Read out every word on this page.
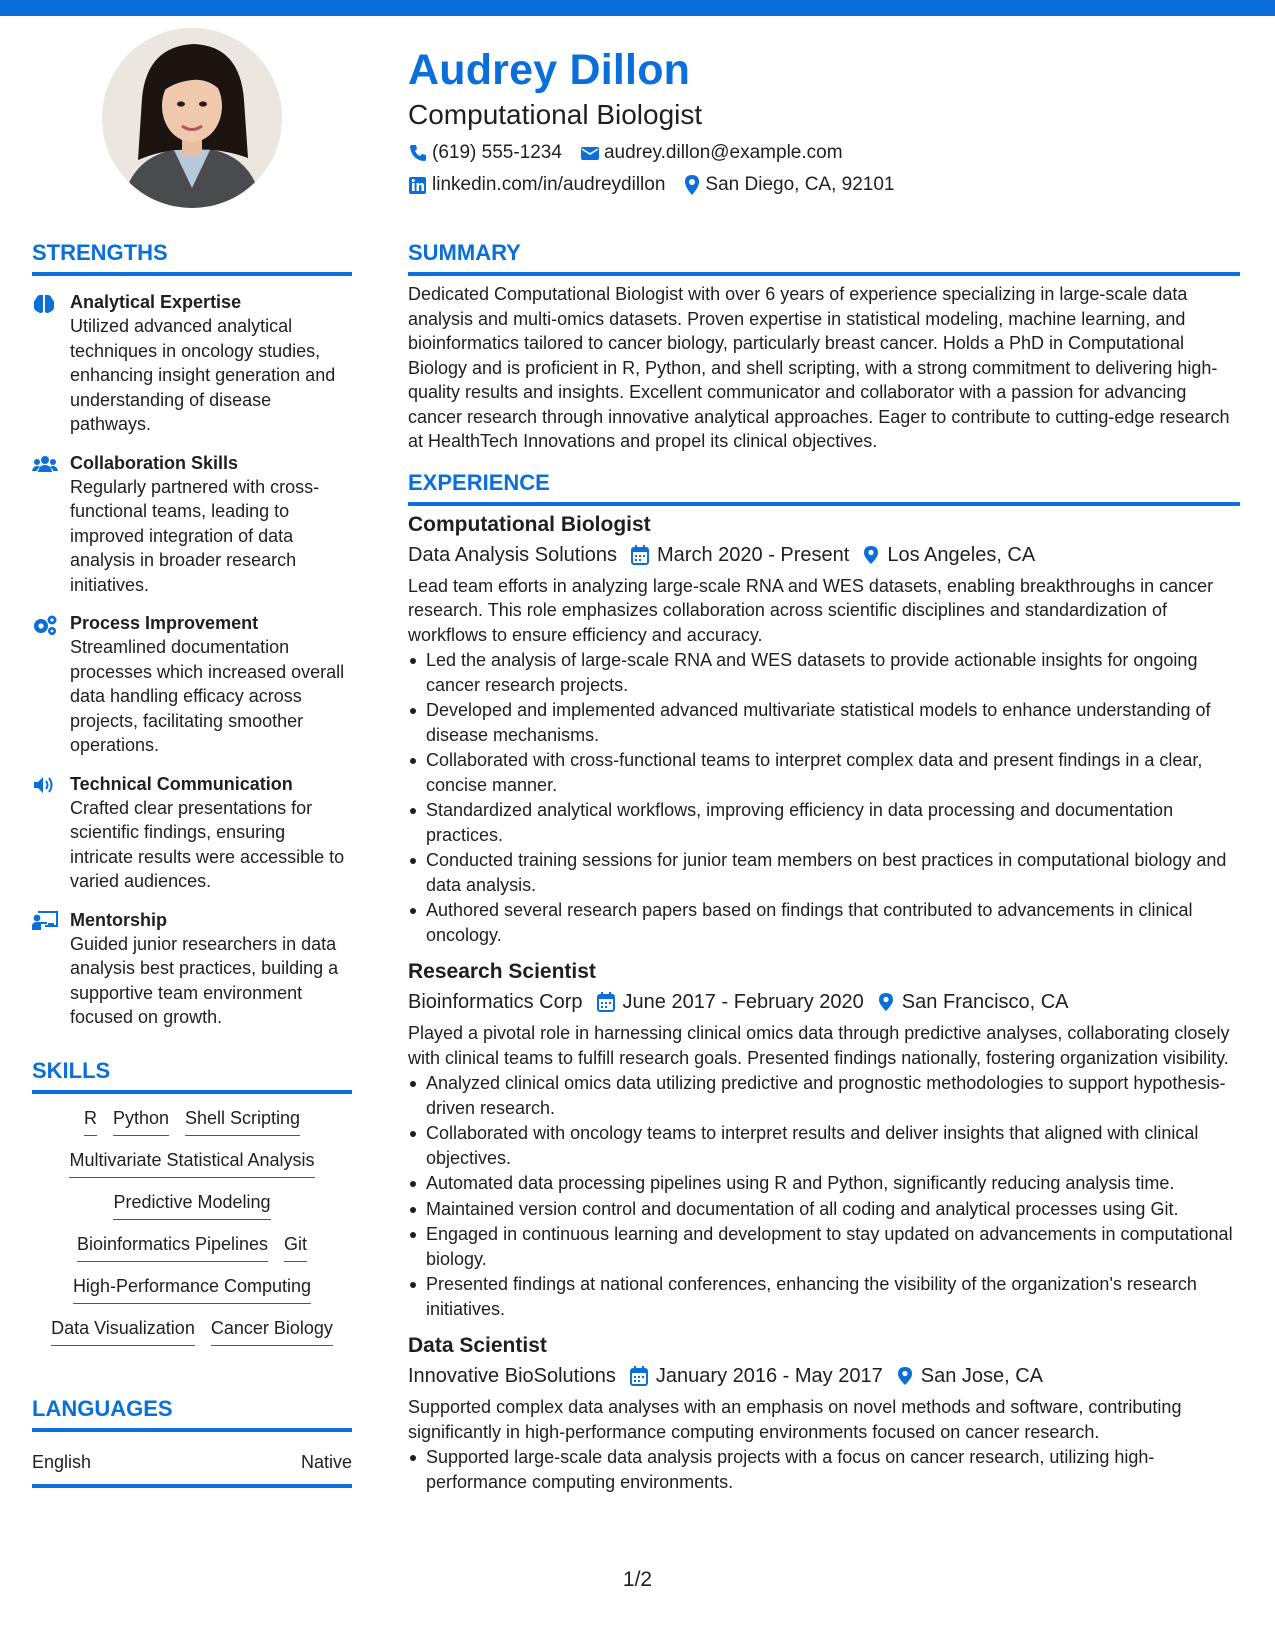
Audrey Dillon
Computational Biologist
(619) 555-1234 audrey.dillon@example.com
linkedin.com/in/audreydillon San Diego, CA, 92101
STRENGTHS
Analytical Expertise
Utilized advanced analytical techniques in oncology studies, enhancing insight generation and understanding of disease pathways.
Collaboration Skills
Regularly partnered with cross-functional teams, leading to improved integration of data analysis in broader research initiatives.
Process Improvement
Streamlined documentation processes which increased overall data handling efficacy across projects, facilitating smoother operations.
Technical Communication
Crafted clear presentations for scientific findings, ensuring intricate results were accessible to varied audiences.
Mentorship
Guided junior researchers in data analysis best practices, building a supportive team environment focused on growth.
SKILLS
R Python Shell Scripting
Multivariate Statistical Analysis
Predictive Modeling
Bioinformatics Pipelines Git
High-Performance Computing
Data Visualization Cancer Biology
LANGUAGES
English	Native
SUMMARY
Dedicated Computational Biologist with over 6 years of experience specializing in large-scale data analysis and multi-omics datasets. Proven expertise in statistical modeling, machine learning, and bioinformatics tailored to cancer biology, particularly breast cancer. Holds a PhD in Computational Biology and is proficient in R, Python, and shell scripting, with a strong commitment to delivering high-quality results and insights. Excellent communicator and collaborator with a passion for advancing cancer research through innovative analytical approaches. Eager to contribute to cutting-edge research at HealthTech Innovations and propel its clinical objectives.
EXPERIENCE
Computational Biologist
Data Analysis Solutions March 2020 - Present Los Angeles, CA
Lead team efforts in analyzing large-scale RNA and WES datasets, enabling breakthroughs in cancer research. This role emphasizes collaboration across scientific disciplines and standardization of workflows to ensure efficiency and accuracy.
Led the analysis of large-scale RNA and WES datasets to provide actionable insights for ongoing cancer research projects.
Developed and implemented advanced multivariate statistical models to enhance understanding of disease mechanisms.
Collaborated with cross-functional teams to interpret complex data and present findings in a clear, concise manner.
Standardized analytical workflows, improving efficiency in data processing and documentation practices.
Conducted training sessions for junior team members on best practices in computational biology and data analysis.
Authored several research papers based on findings that contributed to advancements in clinical oncology.
Research Scientist
Bioinformatics Corp June 2017 - February 2020 San Francisco, CA
Played a pivotal role in harnessing clinical omics data through predictive analyses, collaborating closely with clinical teams to fulfill research goals. Presented findings nationally, fostering organization visibility.
Analyzed clinical omics data utilizing predictive and prognostic methodologies to support hypothesis-driven research.
Collaborated with oncology teams to interpret results and deliver insights that aligned with clinical objectives.
Automated data processing pipelines using R and Python, significantly reducing analysis time.
Maintained version control and documentation of all coding and analytical processes using Git.
Engaged in continuous learning and development to stay updated on advancements in computational biology.
Presented findings at national conferences, enhancing the visibility of the organization's research initiatives.
Data Scientist
Innovative BioSolutions January 2016 - May 2017 San Jose, CA
Supported complex data analyses with an emphasis on novel methods and software, contributing significantly in high-performance computing environments focused on cancer research.
Supported large-scale data analysis projects with a focus on cancer research, utilizing high-performance computing environments.
1/2
